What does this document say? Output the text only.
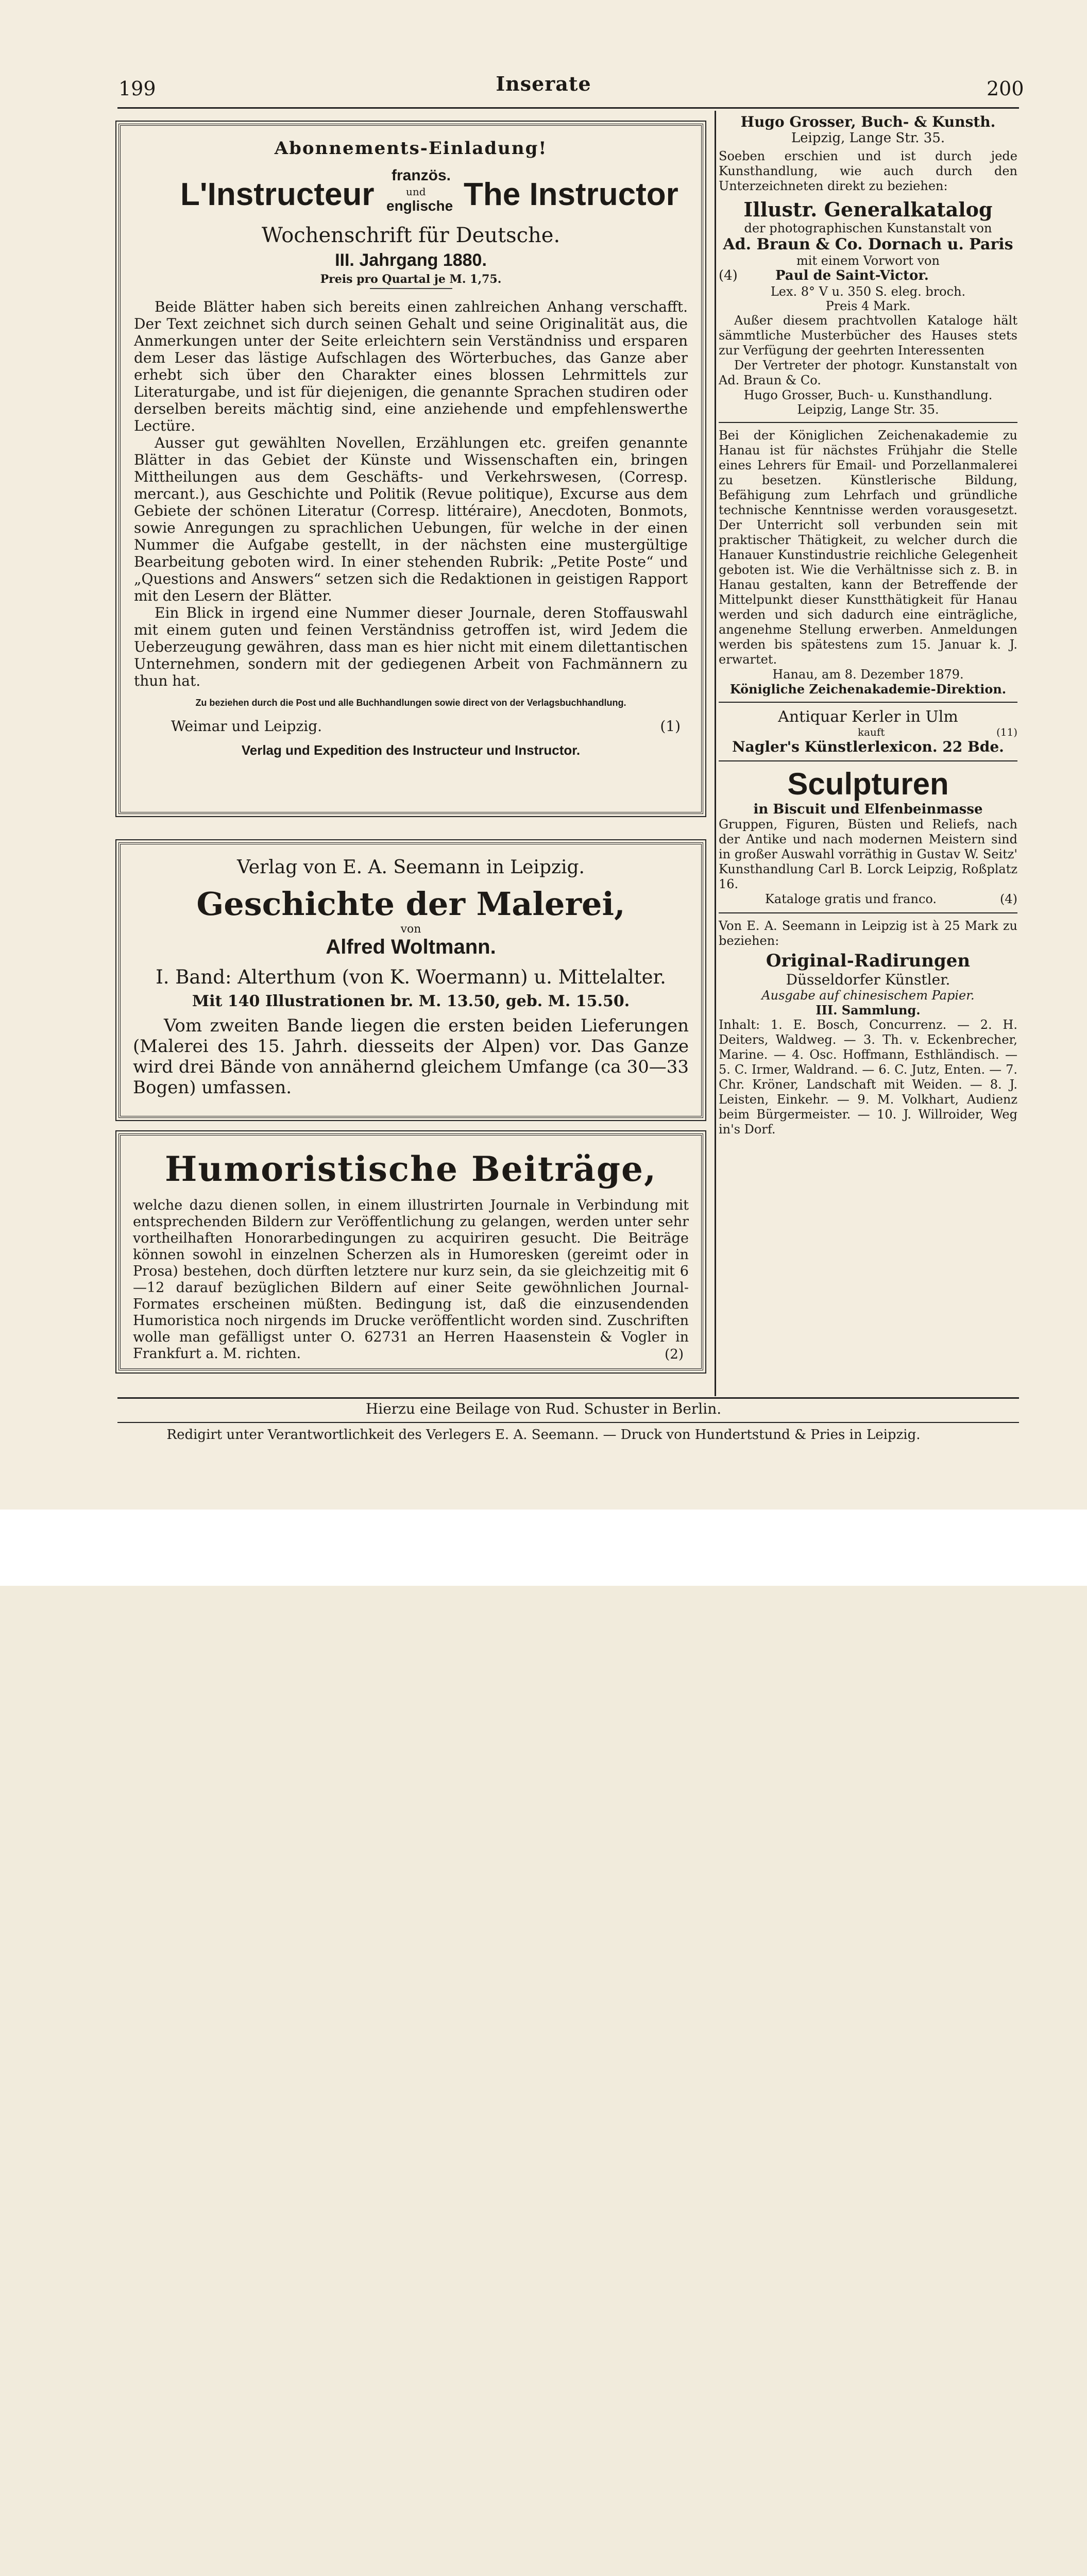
199	Inserate	200
Abonnements-Einladung!
L'Instructeur
französ.
und
englische The Instructor
Wochenschrift für Deutsche.
III. Jahrgang 1880.
Preis pro Quartal je M. 1,75.
Beide Blätter haben sich bereits einen zahlreichen Anhang verschafft. Der Text zeichnet sich durch seinen Gehalt und seine Originalität aus, die Anmerkungen unter der Seite erleichtern sein Verständniss und ersparen dem Leser das lästige Aufschlagen des Wörterbuches, das Ganze aber erhebt sich über den Charakter eines blossen Lehrmittels zur Literaturgabe, und ist für diejenigen, die genannte Sprachen studiren oder derselben bereits mächtig sind, eine anziehende und empfehlenswerthe Lectüre.
Ausser gut gewählten Novellen, Erzählungen etc. greifen genannte Blätter in das Gebiet der Künste und Wissenschaften ein, bringen Mittheilungen aus dem Geschäfts- und Verkehrswesen, (Corresp. mercant.), aus Geschichte und Politik (Revue politique), Excurse aus dem Gebiete der schönen Literatur (Corresp. littéraire), Anecdoten, Bonmots, sowie Anregungen zu sprachlichen Uebungen, für welche in der einen Nummer die Aufgabe gestellt, in der nächsten eine mustergültige Bearbeitung geboten wird. In einer stehenden Rubrik: „Petite Poste“ und „Questions and Answers“ setzen sich die Redaktionen in geistigen Rapport mit den Lesern der Blätter.
Ein Blick in irgend eine Nummer dieser Journale, deren Stoffauswahl mit einem guten und feinen Verständniss getroffen ist, wird Jedem die Ueberzeugung gewähren, dass man es hier nicht mit einem dilettantischen Unternehmen, sondern mit der gediegenen Arbeit von Fachmännern zu thun hat.
Zu beziehen durch die Post und alle Buchhandlungen sowie direct von der Verlagsbuchhandlung.
Weimar und Leipzig.	(1)
Verlag und Expedition des Instructeur und Instructor.
Verlag von E. A. Seemann in Leipzig.
Geschichte der Malerei,
von
Alfred Woltmann.
I. Band: Alterthum (von K. Woermann) u. Mittelalter.
Mit 140 Illustrationen br. M. 13.50, geb. M. 15.50.
Vom zweiten Bande liegen die ersten beiden Lieferungen (Malerei des 15. Jahrh. diesseits der Alpen) vor. Das Ganze wird drei Bände von annähernd gleichem Umfange (ca 30—33 Bogen) umfassen.
Humoristische Beiträge,
welche dazu dienen sollen, in einem illustrirten Journale in Verbindung mit entsprechenden Bildern zur Veröffentlichung zu gelangen, werden unter sehr vortheilhaften Honorarbedingungen zu acquiriren gesucht. Die Beiträge können sowohl in einzelnen Scherzen als in Humoresken (gereimt oder in Prosa) bestehen, doch dürften letztere nur kurz sein, da sie gleichzeitig mit 6—12 darauf bezüglichen Bildern auf einer Seite gewöhnlichen Journal-Formates erscheinen müßten. Bedingung ist, daß die einzusendenden Humoristica noch nirgends im Drucke veröffentlicht worden sind. Zuschriften wolle man gefälligst unter O. 62731 an Herren Haasenstein & Vogler in Frankfurt a. M. richten.	(2)
Hugo Grosser, Buch- & Kunsth.
Leipzig, Lange Str. 35.

Soeben erschien und ist durch jede Kunsthandlung, wie auch durch den Unterzeichneten direkt zu beziehen:

Illustr. Generalkatalog
der photographischen Kunstanstalt von
Ad. Braun & Co. Dornach u. Paris
mit einem Vorwort von
(4)	Paul de Saint-Victor.
Lex. 8° V u. 350 S. eleg. broch.
Preis 4 Mark.

Außer diesem prachtvollen Kataloge hält sämmtliche Musterbücher des Hauses stets zur Verfügung der geehrten Interessenten

Der Vertreter der photogr. Kunstanstalt von Ad. Braun & Co.

Hugo Grosser, Buch- u. Kunsthandlung.
Leipzig, Lange Str. 35.

Bei der Königlichen Zeichenakademie zu Hanau ist für nächstes Frühjahr die Stelle eines Lehrers für Email- und Porzellanmalerei zu besetzen. Künstlerische Bildung, Befähigung zum Lehrfach und gründliche technische Kenntnisse werden vorausgesetzt. Der Unterricht soll verbunden sein mit praktischer Thätigkeit, zu welcher durch die Hanauer Kunstindustrie reichliche Gelegenheit geboten ist. Wie die Verhältnisse sich z. B. in Hanau gestalten, kann der Betreffende der Mittelpunkt dieser Kunstthätigkeit für Hanau werden und sich dadurch eine einträgliche, angenehme Stellung erwerben. Anmeldungen werden bis spätestens zum 15. Januar k. J. erwartet.

Hanau, am 8. Dezember 1879.
Königliche Zeichenakademie-Direktion.
Antiquar Kerler in Ulm
kauft	(11)
Nagler's Künstlerlexicon. 22 Bde.
Sculpturen
in Biscuit und Elfenbeinmasse

Gruppen, Figuren, Büsten und Reliefs, nach der Antike und nach modernen Meistern sind in großer Auswahl vorräthig in Gustav W. Seitz' Kunsthandlung Carl B. Lorck Leipzig, Roßplatz 16.

Kataloge gratis und franco.	(4)

Von E. A. Seemann in Leipzig ist à 25 Mark zu beziehen:

Original-Radirungen
Düsseldorfer Künstler.
Ausgabe auf chinesischem Papier.
III. Sammlung.

Inhalt: 1. E. Bosch, Concurrenz. — 2. H. Deiters, Waldweg. — 3. Th. v. Eckenbrecher, Marine. — 4. Osc. Hoffmann, Esthländisch. — 5. C. Irmer, Waldrand. — 6. C. Jutz, Enten. — 7. Chr. Kröner, Landschaft mit Weiden. — 8. J. Leisten, Einkehr. — 9. M. Volkhart, Audienz beim Bürgermeister. — 10. J. Willroider, Weg in's Dorf.

Hierzu eine Beilage von Rud. Schuster in Berlin.
Redigirt unter Verantwortlichkeit des Verlegers E. A. Seemann. — Druck von Hundertstund & Pries in Leipzig.
